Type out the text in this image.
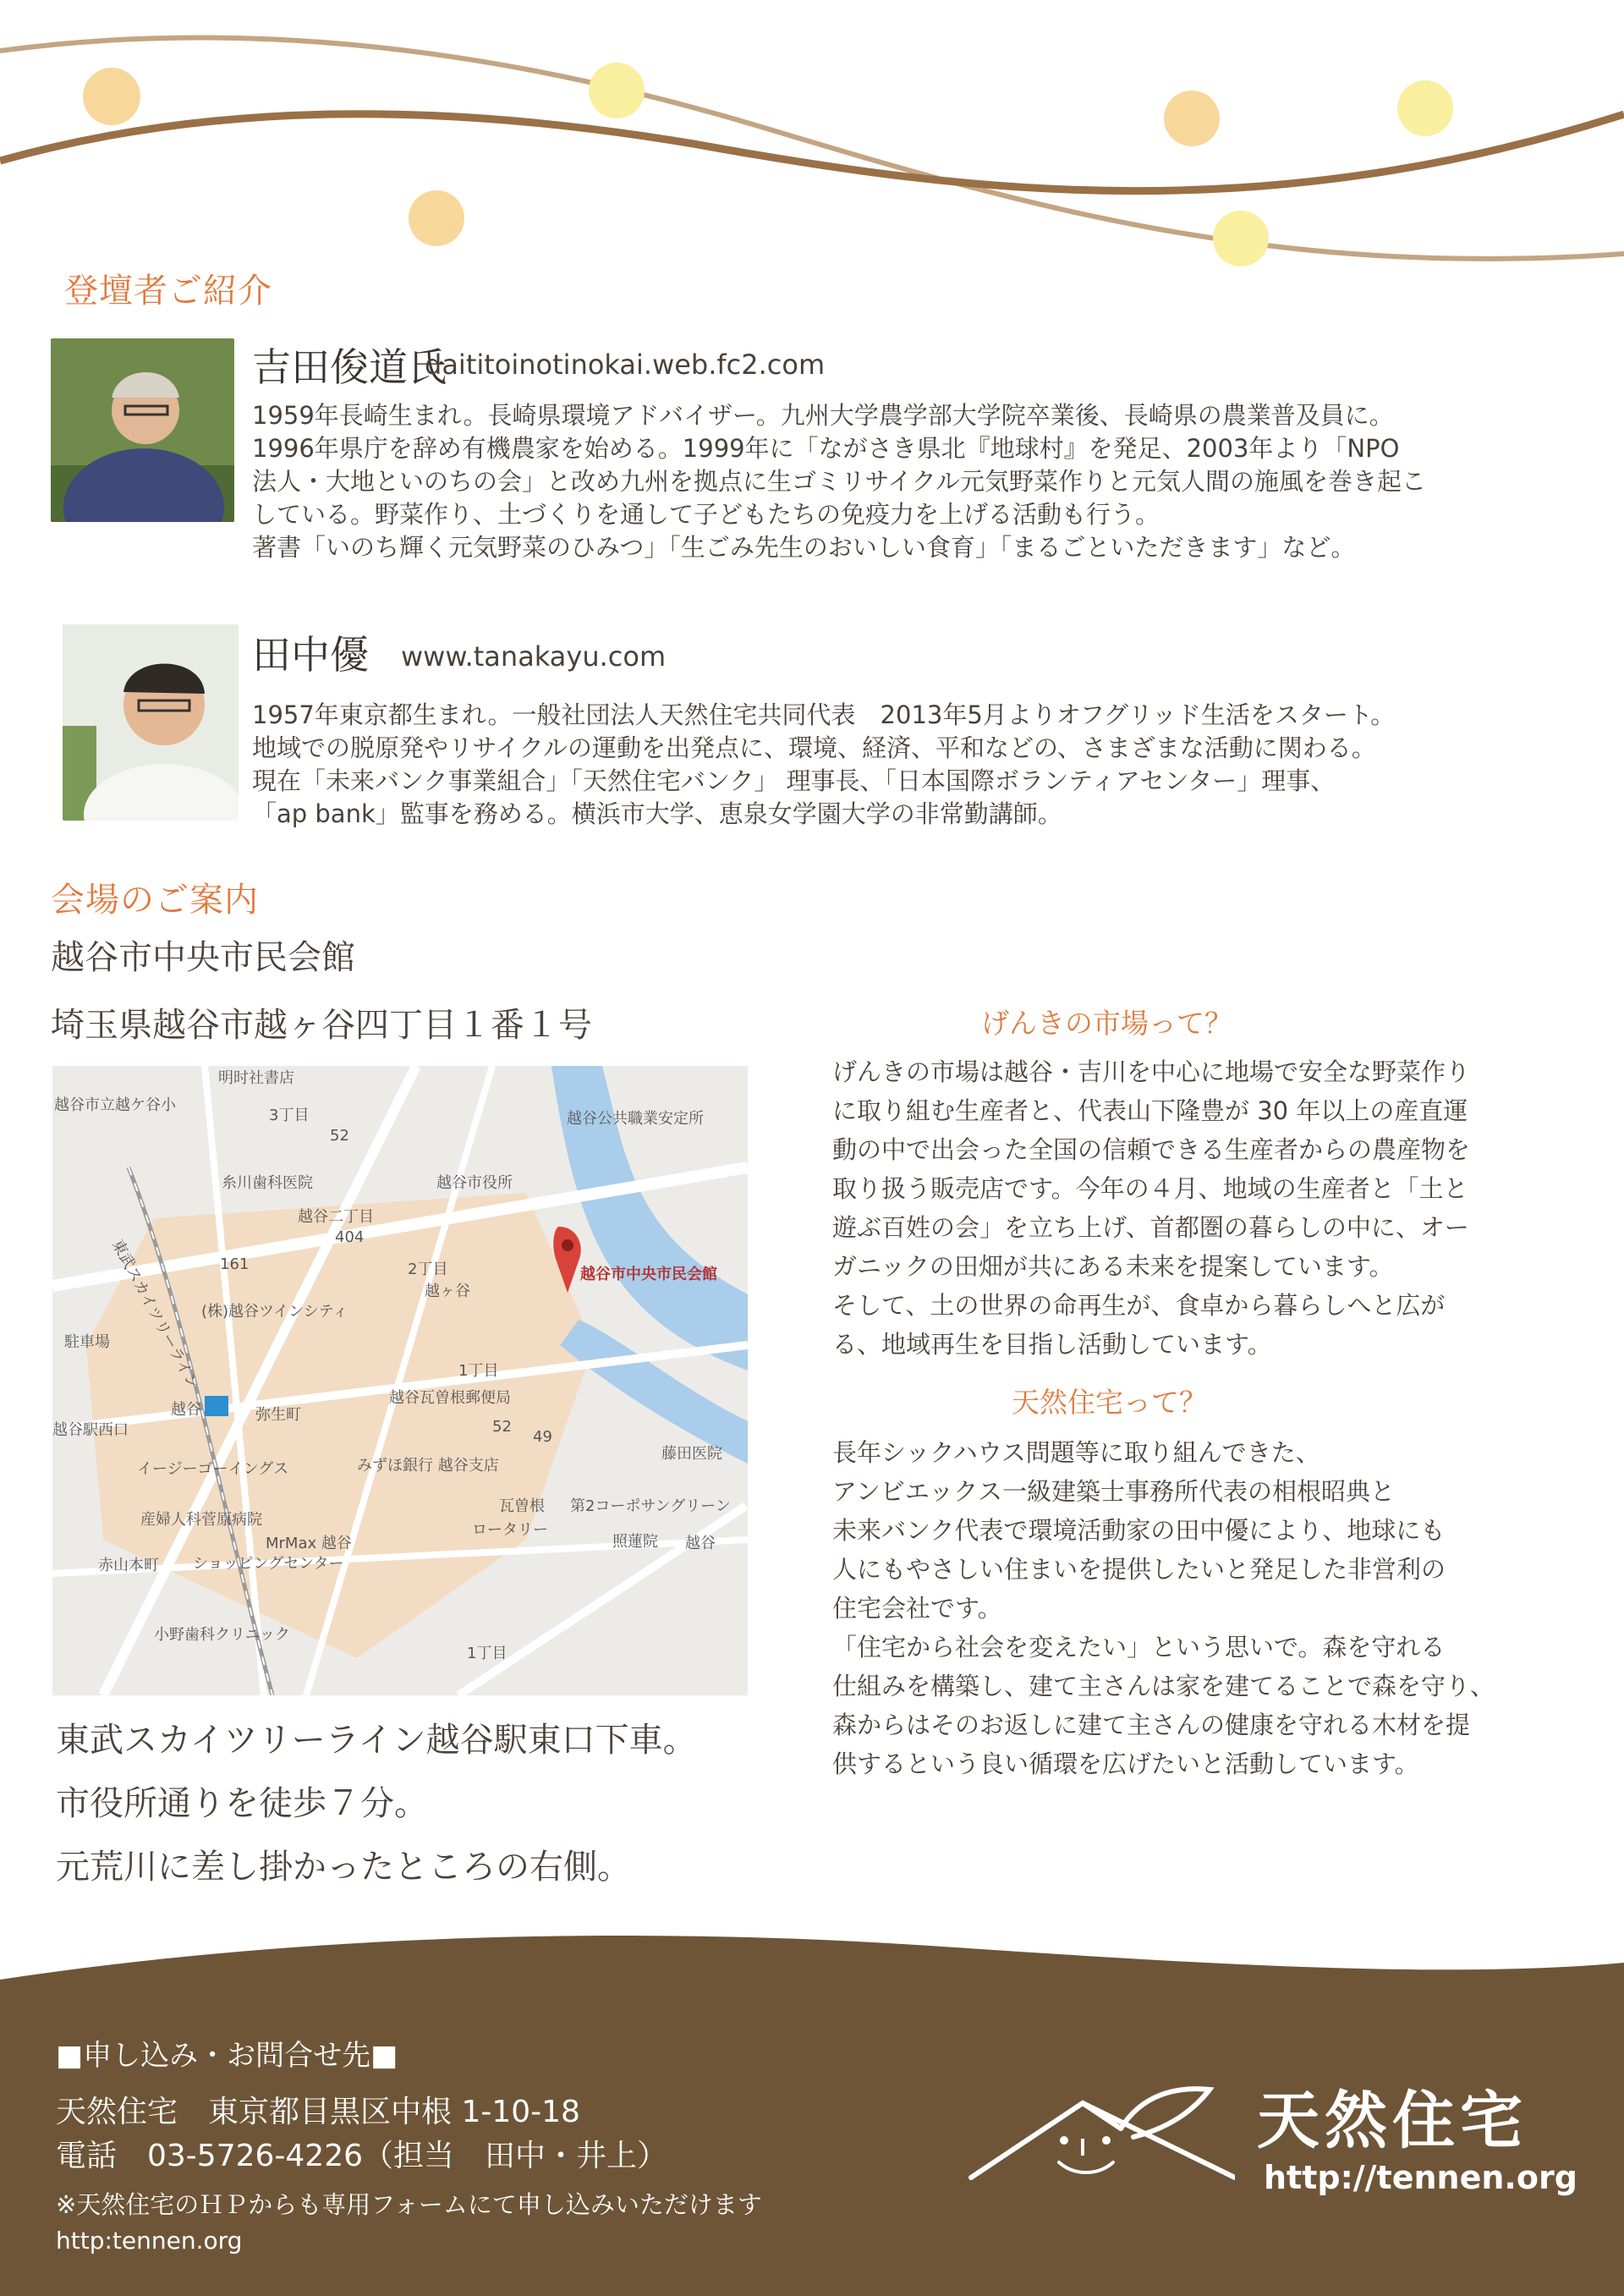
登壇者ご紹介
吉田俊道氏
daititoinotinokai.web.fc2.com

1959年長崎生まれ。長崎県環境アドバイザー。九州大学農学部大学院卒業後、長崎県の農業普及員に。

1996年県庁を辞め有機農家を始める。1999年に「ながさき県北『地球村』を発足、2003年より「NPO

法人・大地といのちの会」と改め九州を拠点に生ゴミリサイクル元気野菜作りと元気人間の施風を巻き起こ

している。野菜作り、土づくりを通して子どもたちの免疫力を上げる活動も行う。

著書「いのち輝く元気野菜のひみつ」「生ごみ先生のおいしい食育」「まるごといただきます」など。

田中優 www.tanakayu.com

1957年東京都生まれ。一般社団法人天然住宅共同代表　2013年5月よりオフグリッド生活をスタート。

地域での脱原発やリサイクルの運動を出発点に、環境、経済、平和などの、さまざまな活動に関わる。

現在「未来バンク事業組合」「天然住宅バンク」 理事長、「日本国際ボランティアセンター」理事、

「ap bank」監事を務める。横浜市大学、恵泉女学園大学の非常勤講師。

会場のご案内
越谷市中央市民会館
埼玉県越谷市越ヶ谷四丁目１番１号
明时社書店
越谷市立越ケ谷小
3丁目	越谷公共職業安定所
糸川歯科医院	越谷市役所
越谷二丁目
東武スカイツリーライン	2丁目
越ヶ谷
(株)越谷ツインシティ
駐車場
1丁目
越谷瓦曽根郵便局
越谷	弥生町
イージーゴーイングス	みずほ銀行 越谷支店
藤田医院
瓦曽根 第2コーポサングリーン
ロータリー
産婦人科菅原病院
照蓮院
MrMax 越谷
ショッピングセンター
赤山本町
小野歯科クリニック
1丁目
越谷駅西口
越谷
52
404
161
52
49
越谷市中央市民会館

東武スカイツリーライン越谷駅東口下車。

市役所通りを徒歩７分。

元荒川に差し掛かったところの右側。

げんきの市場って？

げんきの市場は越谷・吉川を中心に地場で安全な野菜作り

に取り組む生産者と、代表山下隆豊が 30 年以上の産直運

動の中で出会った全国の信頼できる生産者からの農産物を

取り扱う販売店です。今年の４月、地域の生産者と「土と

遊ぶ百姓の会」を立ち上げ、首都圏の暮らしの中に、オー

ガニックの田畑が共にある未来を提案しています。

そして、土の世界の命再生が、食卓から暮らしへと広が

る、地域再生を目指し活動しています。

天然住宅って？

長年シックハウス問題等に取り組んできた、

アンビエックス一級建築士事務所代表の相根昭典と

未来バンク代表で環境活動家の田中優により、地球にも

人にもやさしい住まいを提供したいと発足した非営利の

住宅会社です。

「住宅から社会を変えたい」という思いで。森を守れる

仕組みを構築し、建て主さんは家を建てることで森を守り、

森からはそのお返しに建て主さんの健康を守れる木材を提

供するという良い循環を広げたいと活動しています。

■申し込み・お問合せ先■
天然住宅　東京都目黒区中根 1-10-18
電話　03-5726-4226（担当　田中・井上）
※天然住宅のＨＰからも専用フォームにて申し込みいただけます
http:tennen.org
天然住宅
http://tennen.org
